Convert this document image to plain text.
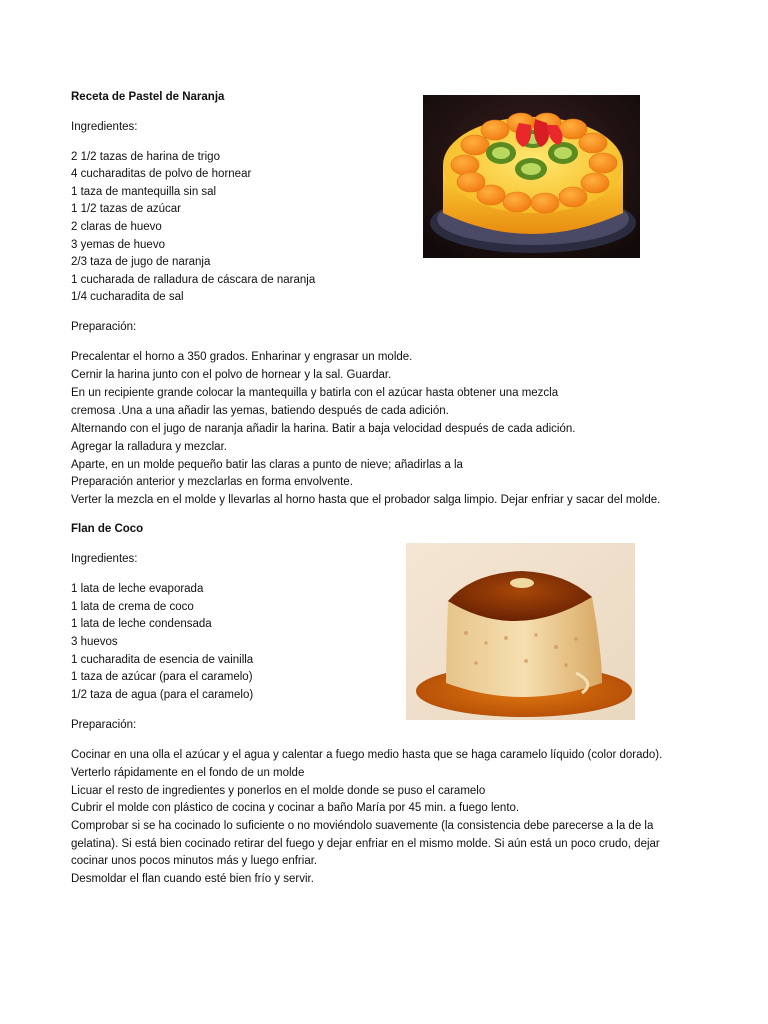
Receta de Pastel de Naranja
Ingredientes:
2 1/2 tazas de harina de trigo
4 cucharaditas de polvo de hornear
1 taza de mantequilla sin sal
1 1/2 tazas de azúcar
2 claras de huevo
3 yemas de huevo
2/3 taza de jugo de naranja
1 cucharada de ralladura de cáscara de naranja
1/4 cucharadita de sal
Preparación:
Precalentar el horno a 350 grados. Enharinar y engrasar un molde.
Cernir la harina junto con el polvo de hornear y la sal. Guardar.
En un recipiente grande colocar la mantequilla y batirla con el azúcar hasta obtener una mezcla
cremosa .Una a una añadir las yemas, batiendo después de cada adición.
Alternando con el jugo de naranja añadir la harina. Batir a baja velocidad después de cada adición.
Agregar la ralladura y mezclar.
Aparte, en un molde pequeño batir las claras a punto de nieve; añadirlas a la
Preparación anterior y mezclarlas en forma envolvente.
Verter la mezcla en el molde y llevarlas al horno hasta que el probador salga limpio. Dejar enfriar y sacar del molde.
Flan de Coco
Ingredientes:
1 lata de leche evaporada
1 lata de crema de coco
1 lata de leche condensada
3 huevos
1 cucharadita de esencia de vainilla
1 taza de azúcar (para el caramelo)
1/2 taza de agua (para el caramelo)
Preparación:
Cocinar en una olla el azúcar y el agua y calentar a fuego medio hasta que se haga caramelo líquido (color dorado).
Verterlo rápidamente en el fondo de un molde
Licuar el resto de ingredientes y ponerlos en el molde donde se puso el caramelo
Cubrir el molde con plástico de cocina y cocinar a baño María por 45 min. a fuego lento.
Comprobar si se ha cocinado lo suficiente o no moviéndolo suavemente (la consistencia debe parecerse a la de la
gelatina). Si está bien cocinado retirar del fuego y dejar enfriar en el mismo molde. Si aún está un poco crudo, dejar
cocinar unos pocos minutos más y luego enfriar.
Desmoldar el flan cuando esté bien frío y servir.
